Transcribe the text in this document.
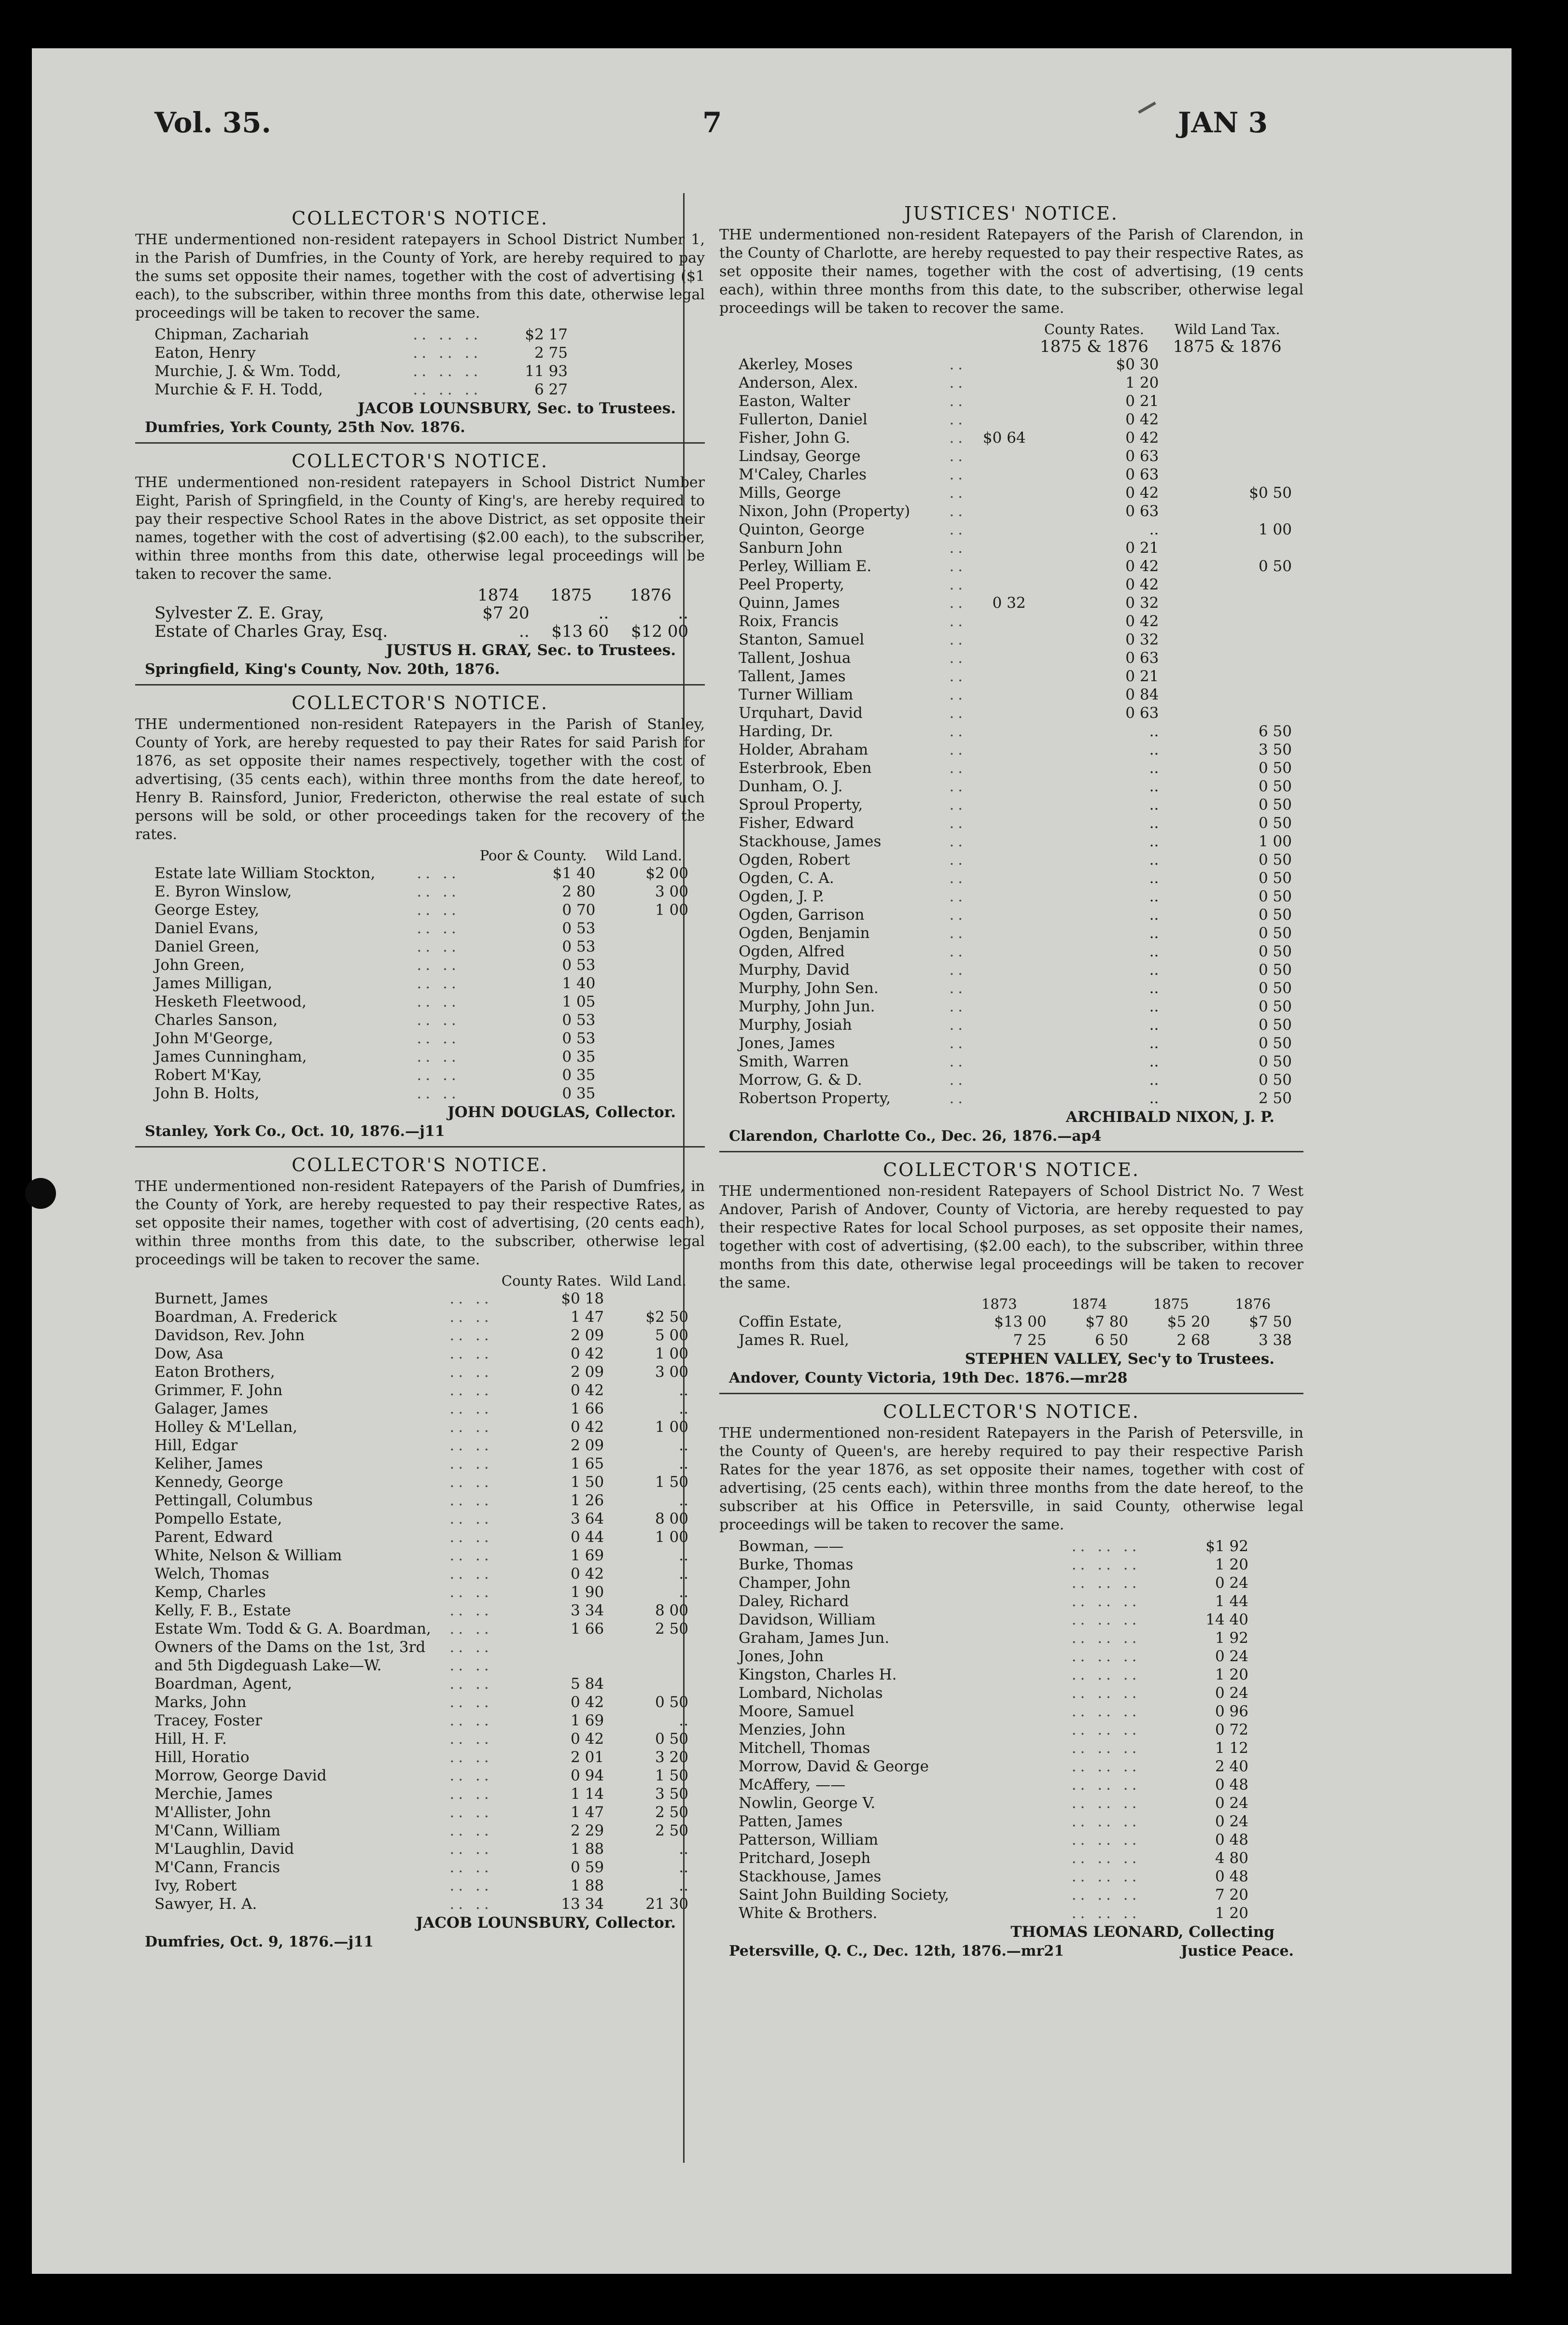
Vol. 35.	7	JAN 3
COLLECTOR'S NOTICE.

THE undermentioned non-resident ratepayers in School District Number 1, in the Parish of Dumfries, in the County of York, are hereby required to pay the sums set opposite their names, together with the cost of advertising ($1 each), to the subscriber, within three months from this date, otherwise legal proceedings will be taken to recover the same.

Chipman, Zachariah	.. .. ..	$2 17
Eaton, Henry	.. .. ..	2 75
Murchie, J. & Wm. Todd,	.. .. ..	11 93
Murchie & F. H. Todd,	.. .. ..	6 27
JACOB LOUNSBURY, Sec. to Trustees.
Dumfries, York County, 25th Nov. 1876.
COLLECTOR'S NOTICE.

THE undermentioned non-resident ratepayers in School District Number Eight, Parish of Springfield, in the County of King's, are hereby required to pay their respective School Rates in the above District, as set opposite their names, together with the cost of advertising ($2.00 each), to the subscriber, within three months from this date, otherwise legal proceedings will be taken to recover the same.

	1874	1875	1876
Sylvester Z. E. Gray,	$7 20	..	..
Estate of Charles Gray, Esq.	..	$13 60	$12 00
JUSTUS H. GRAY, Sec. to Trustees.
Springfield, King's County, Nov. 20th, 1876.
COLLECTOR'S NOTICE.

THE undermentioned non-resident Ratepayers in the Parish of Stanley, County of York, are hereby requested to pay their Rates for said Parish for 1876, as set opposite their names respectively, together with the cost of advertising, (35 cents each), within three months from the date hereof, to Henry B. Rainsford, Junior, Fredericton, otherwise the real estate of such persons will be sold, or other proceedings taken for the recovery of the rates.

		Poor & County.	Wild Land.
Estate late William Stockton,	.. ..	$1 40	$2 00
E. Byron Winslow,	.. ..	2 80	3 00
George Estey,	.. ..	0 70	1 00
Daniel Evans,	.. ..	0 53	
Daniel Green,	.. ..	0 53	
John Green,	.. ..	0 53	
James Milligan,	.. ..	1 40	
Hesketh Fleetwood,	.. ..	1 05	
Charles Sanson,	.. ..	0 53	
John M'George,	.. ..	0 53	
James Cunningham,	.. ..	0 35	
Robert M'Kay,	.. ..	0 35	
John B. Holts,	.. ..	0 35	
JOHN DOUGLAS, Collector.
Stanley, York Co., Oct. 10, 1876.—j11
COLLECTOR'S NOTICE.

THE undermentioned non-resident Ratepayers of the Parish of Dumfries, in the County of York, are hereby requested to pay their respective Rates, as set opposite their names, together with cost of advertising, (20 cents each), within three months from this date, to the subscriber, otherwise legal proceedings will be taken to recover the same.

		County Rates.	Wild Land.
Burnett, James	.. ..	$0 18	
Boardman, A. Frederick	.. ..	1 47	$2 50
Davidson, Rev. John	.. ..	2 09	5 00
Dow, Asa	.. ..	0 42	1 00
Eaton Brothers,	.. ..	2 09	3 00
Grimmer, F. John	.. ..	0 42	..
Galager, James	.. ..	1 66	..
Holley & M'Lellan,	.. ..	0 42	1 00
Hill, Edgar	.. ..	2 09	..
Keliher, James	.. ..	1 65	..
Kennedy, George	.. ..	1 50	1 50
Pettingall, Columbus	.. ..	1 26	..
Pompello Estate,	.. ..	3 64	8 00
Parent, Edward	.. ..	0 44	1 00
White, Nelson & William	.. ..	1 69	..
Welch, Thomas	.. ..	0 42	..
Kemp, Charles	.. ..	1 90	..
Kelly, F. B., Estate	.. ..	3 34	8 00
Estate Wm. Todd & G. A. Boardman,	.. ..	1 66	2 50
Owners of the Dams on the 1st, 3rd	.. ..		
and 5th Digdeguash Lake—W.	.. ..		
Boardman, Agent,	.. ..	5 84	
Marks, John	.. ..	0 42	0 50
Tracey, Foster	.. ..	1 69	..
Hill, H. F.	.. ..	0 42	0 50
Hill, Horatio	.. ..	2 01	3 20
Morrow, George David	.. ..	0 94	1 50
Merchie, James	.. ..	1 14	3 50
M'Allister, John	.. ..	1 47	2 50
M'Cann, William	.. ..	2 29	2 50
M'Laughlin, David	.. ..	1 88	..
M'Cann, Francis	.. ..	0 59	..
Ivy, Robert	.. ..	1 88	..
Sawyer, H. A.	.. ..	13 34	21 30
JACOB LOUNSBURY, Collector.
Dumfries, Oct. 9, 1876.—j11
JUSTICES' NOTICE.

THE undermentioned non-resident Ratepayers of the Parish of Clarendon, in the County of Charlotte, are hereby requested to pay their respective Rates, as set opposite their names, together with the cost of advertising, (19 cents each), within three months from this date, to the subscriber, otherwise legal proceedings will be taken to recover the same.

			County Rates.	Wild Land Tax.
			1875 & 1876	1875 & 1876
Akerley, Moses	..		$0 30	
Anderson, Alex.	..		1 20	
Easton, Walter	..		0 21	
Fullerton, Daniel	..		0 42	
Fisher, John G.	..	$0 64	0 42	
Lindsay, George	..		0 63	
M'Caley, Charles	..		0 63	
Mills, George	..		0 42	$0 50
Nixon, John (Property)	..		0 63	
Quinton, George	..		..	1 00
Sanburn John	..		0 21	
Perley, William E.	..		0 42	0 50
Peel Property,	..		0 42	
Quinn, James	..	0 32	0 32	
Roix, Francis	..		0 42	
Stanton, Samuel	..		0 32	
Tallent, Joshua	..		0 63	
Tallent, James	..		0 21	
Turner William	..		0 84	
Urquhart, David	..		0 63	
Harding, Dr.	..		..	6 50
Holder, Abraham	..		..	3 50
Esterbrook, Eben	..		..	0 50
Dunham, O. J.	..		..	0 50
Sproul Property,	..		..	0 50
Fisher, Edward	..		..	0 50
Stackhouse, James	..		..	1 00
Ogden, Robert	..		..	0 50
Ogden, C. A.	..		..	0 50
Ogden, J. P.	..		..	0 50
Ogden, Garrison	..		..	0 50
Ogden, Benjamin	..		..	0 50
Ogden, Alfred	..		..	0 50
Murphy, David	..		..	0 50
Murphy, John Sen.	..		..	0 50
Murphy, John Jun.	..		..	0 50
Murphy, Josiah	..		..	0 50
Jones, James	..		..	0 50
Smith, Warren	..		..	0 50
Morrow, G. & D.	..		..	0 50
Robertson Property,	..		..	2 50
ARCHIBALD NIXON, J. P.
Clarendon, Charlotte Co., Dec. 26, 1876.—ap4
COLLECTOR'S NOTICE.

THE undermentioned non-resident Ratepayers of School District No. 7 West Andover, Parish of Andover, County of Victoria, are hereby requested to pay their respective Rates for local School purposes, as set opposite their names, together with cost of advertising, ($2.00 each), to the subscriber, within three months from this date, otherwise legal proceedings will be taken to recover the same.

	1873	1874	1875	1876
Coffin Estate,	$13 00	$7 80	$5 20	$7 50
James R. Ruel,	7 25	6 50	2 68	3 38
STEPHEN VALLEY, Sec'y to Trustees.
Andover, County Victoria, 19th Dec. 1876.—mr28
COLLECTOR'S NOTICE.

THE undermentioned non-resident Ratepayers in the Parish of Petersville, in the County of Queen's, are hereby required to pay their respective Parish Rates for the year 1876, as set opposite their names, together with cost of advertising, (25 cents each), within three months from the date hereof, to the subscriber at his Office in Petersville, in said County, otherwise legal proceedings will be taken to recover the same.

Bowman, ——	.. .. ..	$1 92
Burke, Thomas	.. .. ..	1 20
Champer, John	.. .. ..	0 24
Daley, Richard	.. .. ..	1 44
Davidson, William	.. .. ..	14 40
Graham, James Jun.	.. .. ..	1 92
Jones, John	.. .. ..	0 24
Kingston, Charles H.	.. .. ..	1 20
Lombard, Nicholas	.. .. ..	0 24
Moore, Samuel	.. .. ..	0 96
Menzies, John	.. .. ..	0 72
Mitchell, Thomas	.. .. ..	1 12
Morrow, David & George	.. .. ..	2 40
McAffery, ——	.. .. ..	0 48
Nowlin, George V.	.. .. ..	0 24
Patten, James	.. .. ..	0 24
Patterson, William	.. .. ..	0 48
Pritchard, Joseph	.. .. ..	4 80
Stackhouse, James	.. .. ..	0 48
Saint John Building Society,	.. .. ..	7 20
White & Brothers.	.. .. ..	1 20
THOMAS LEONARD, Collecting
Petersville, Q. C., Dec. 12th, 1876.—mr21	Justice Peace.
